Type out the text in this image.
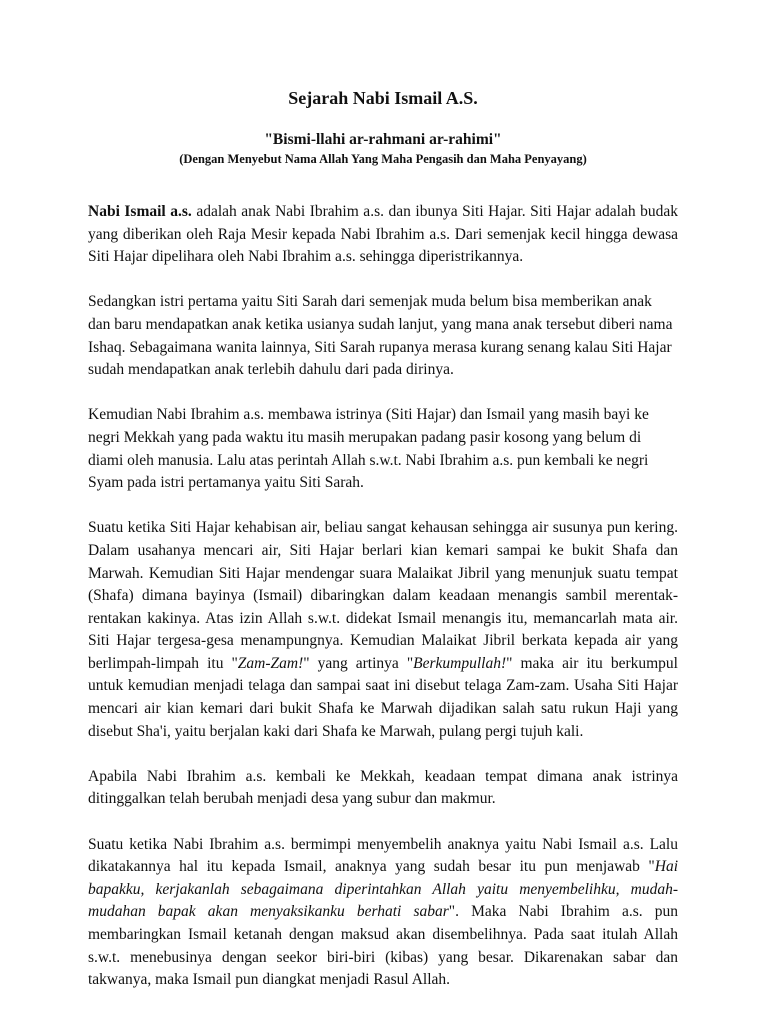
Sejarah Nabi Ismail A.S.

"Bismi-llahi ar-rahmani ar-rahimi"

(Dengan Menyebut Nama Allah Yang Maha Pengasih dan Maha Penyayang)

Nabi Ismail a.s. adalah anak Nabi Ibrahim a.s. dan ibunya Siti Hajar. Siti Hajar adalah budak yang diberikan oleh Raja Mesir kepada Nabi Ibrahim a.s. Dari semenjak kecil hingga dewasa Siti Hajar dipelihara oleh Nabi Ibrahim a.s. sehingga diperistrikannya.

Sedangkan istri pertama yaitu Siti Sarah dari semenjak muda belum bisa memberikan anak dan baru mendapatkan anak ketika usianya sudah lanjut, yang mana anak tersebut diberi nama Ishaq. Sebagaimana wanita lainnya, Siti Sarah rupanya merasa kurang senang kalau Siti Hajar sudah mendapatkan anak terlebih dahulu dari pada dirinya.

Kemudian Nabi Ibrahim a.s. membawa istrinya (Siti Hajar) dan Ismail yang masih bayi ke negri Mekkah yang pada waktu itu masih merupakan padang pasir kosong yang belum di diami oleh manusia. Lalu atas perintah Allah s.w.t. Nabi Ibrahim a.s. pun kembali ke negri Syam pada istri pertamanya yaitu Siti Sarah.

Suatu ketika Siti Hajar kehabisan air, beliau sangat kehausan sehingga air susunya pun kering. Dalam usahanya mencari air, Siti Hajar berlari kian kemari sampai ke bukit Shafa dan Marwah. Kemudian Siti Hajar mendengar suara Malaikat Jibril yang menunjuk suatu tempat (Shafa) dimana bayinya (Ismail) dibaringkan dalam keadaan menangis sambil merentak-rentakan kakinya. Atas izin Allah s.w.t. didekat Ismail menangis itu, memancarlah mata air. Siti Hajar tergesa-gesa menampungnya. Kemudian Malaikat Jibril berkata kepada air yang berlimpah-limpah itu "Zam-Zam!" yang artinya "Berkumpullah!" maka air itu berkumpul untuk kemudian menjadi telaga dan sampai saat ini disebut telaga Zam-zam. Usaha Siti Hajar mencari air kian kemari dari bukit Shafa ke Marwah dijadikan salah satu rukun Haji yang disebut Sha'i, yaitu berjalan kaki dari Shafa ke Marwah, pulang pergi tujuh kali.

Apabila Nabi Ibrahim a.s. kembali ke Mekkah, keadaan tempat dimana anak istrinya ditinggalkan telah berubah menjadi desa yang subur dan makmur.

Suatu ketika Nabi Ibrahim a.s. bermimpi menyembelih anaknya yaitu Nabi Ismail a.s. Lalu dikatakannya hal itu kepada Ismail, anaknya yang sudah besar itu pun menjawab "Hai bapakku, kerjakanlah sebagaimana diperintahkan Allah yaitu menyembelihku, mudah-mudahan bapak akan menyaksikanku berhati sabar". Maka Nabi Ibrahim a.s. pun membaringkan Ismail ketanah dengan maksud akan disembelihnya. Pada saat itulah Allah s.w.t. menebusinya dengan seekor biri-biri (kibas) yang besar. Dikarenakan sabar dan takwanya, maka Ismail pun diangkat menjadi Rasul Allah.
